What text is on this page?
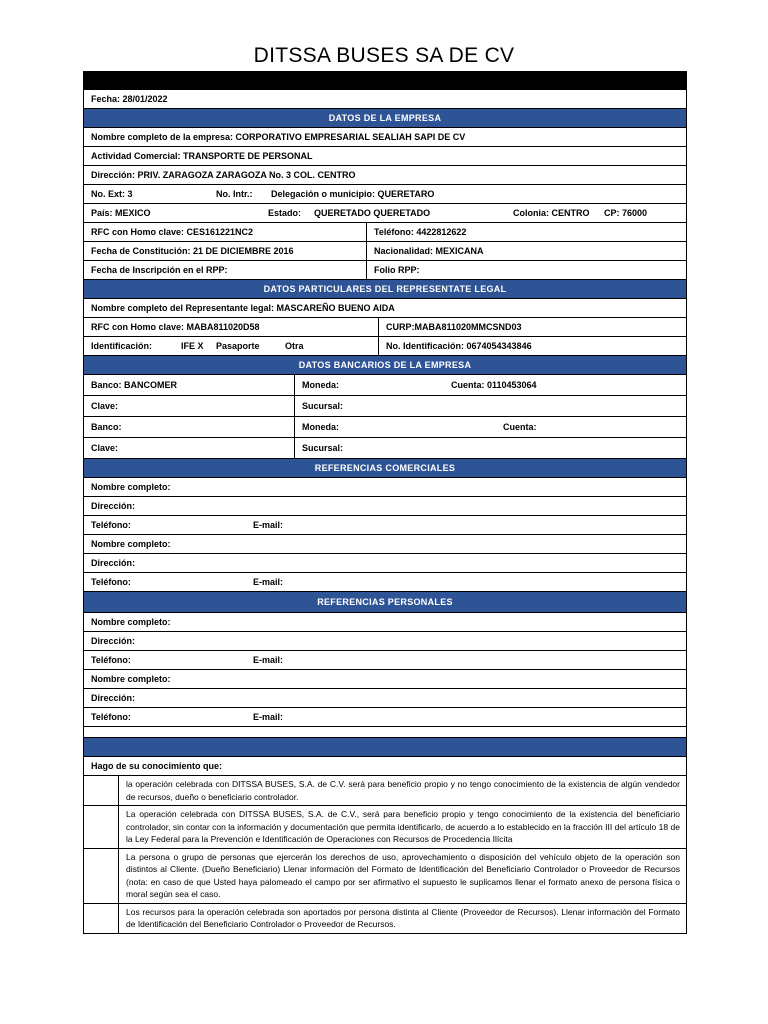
DITSSA BUSES SA DE CV
Fecha: 28/01/2022
DATOS DE LA EMPRESA
Nombre completo de la empresa: CORPORATIVO EMPRESARIAL SEALIAH SAPI DE CV
Actividad Comercial: TRANSPORTE DE PERSONAL
Dirección: PRIV. ZARAGOZA ZARAGOZA No. 3 COL. CENTRO
No. Ext: 3	No. Intr.:	Delegación o municipio: QUERETARO
País: MEXICO	Estado:	QUERETADO QUERETADO	Colonia: CENTRO	CP: 76000
RFC con Homo clave: CES161221NC2	Teléfono: 4422812622
Fecha de Constitución: 21 DE DICIEMBRE 2016	Nacionalidad: MEXICANA
Fecha de Inscripción en el RPP:	Folio RPP:
DATOS PARTICULARES DEL REPRESENTATE LEGAL
Nombre completo del Representante legal: MASCAREÑO BUENO AIDA
RFC con Homo clave: MABA811020D58	CURP:MABA811020MMCSND03
Identificación:	IFE X	Pasaporte	Otra	No. Identificación: 0674054343846
DATOS BANCARIOS DE LA EMPRESA
Banco: BANCOMER	Moneda:	Cuenta: 0110453064
Clave:	Sucursal:
Banco:	Moneda:	Cuenta:
Clave:	Sucursal:
REFERENCIAS COMERCIALES
Nombre completo:
Dirección:
Teléfono:	E-mail:
Nombre completo:
Dirección:
Teléfono:	E-mail:
REFERENCIAS PERSONALES
Nombre completo:
Dirección:
Teléfono:	E-mail:
Nombre completo:
Dirección:
Teléfono:	E-mail:
Hago de su conocimiento que:
la operación celebrada con DITSSA BUSES, S.A. de C.V. será para beneficio propio y no tengo conocimiento de la existencia de algún vendedor de recursos, dueño o beneficiario controlador.
La operación celebrada con DITSSA BUSES, S.A. de C.V., será para beneficio propio y tengo conocimiento de la existencia del beneficiario controlador, sin contar con la información y documentación que permita identificarlo, de acuerdo a lo establecido en la fracción III del artículo 18 de la Ley Federal para la Prevención e Identificación de Operaciones con Recursos de Procedencia Ilícita
La persona o grupo de personas que ejercerán los derechos de uso, aprovechamiento o disposición del vehículo objeto de la operación son distintos al Cliente. (Dueño Beneficiario) Llenar información del Formato de Identificación del Beneficiario Controlador o Proveedor de Recursos (nota: en caso de que Usted haya palomeado el campo por ser afirmativo el supuesto le suplicamos llenar el formato anexo de persona física o moral según sea el caso.
Los recursos para la operación celebrada son aportados por persona distinta al Cliente (Proveedor de Recursos). Llenar información del Formato de Identificación del Beneficiario Controlador o Proveedor de Recursos.
